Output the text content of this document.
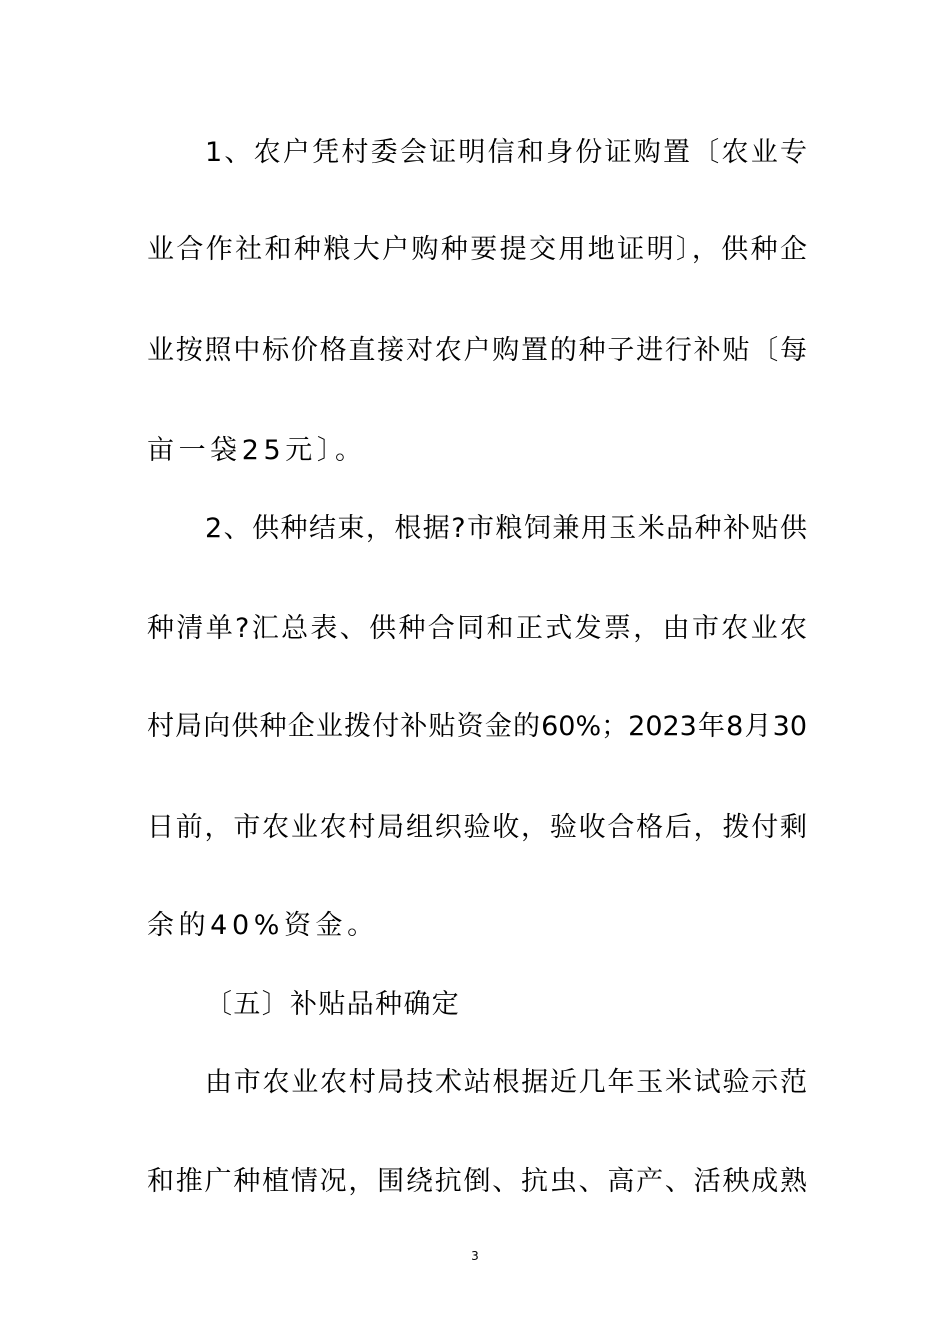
1、农户凭村委会证明信和身份证购置〔农业专
业合作社和种粮大户购种要提交用地证明〕，供种企
业按照中标价格直接对农户购置的种子进行补贴〔每
亩一袋25元〕。
2、供种结束，根据?市粮饲兼用玉米品种补贴供
种清单?汇总表、供种合同和正式发票，由市农业农
村局向供种企业拨付补贴资金的60%；2023年8月30
日前，市农业农村局组织验收，验收合格后，拨付剩
余的40%资金。
〔五〕补贴品种确定
由市农业农村局技术站根据近几年玉米试验示范
和推广种植情况，围绕抗倒、抗虫、高产、活秧成熟
3
